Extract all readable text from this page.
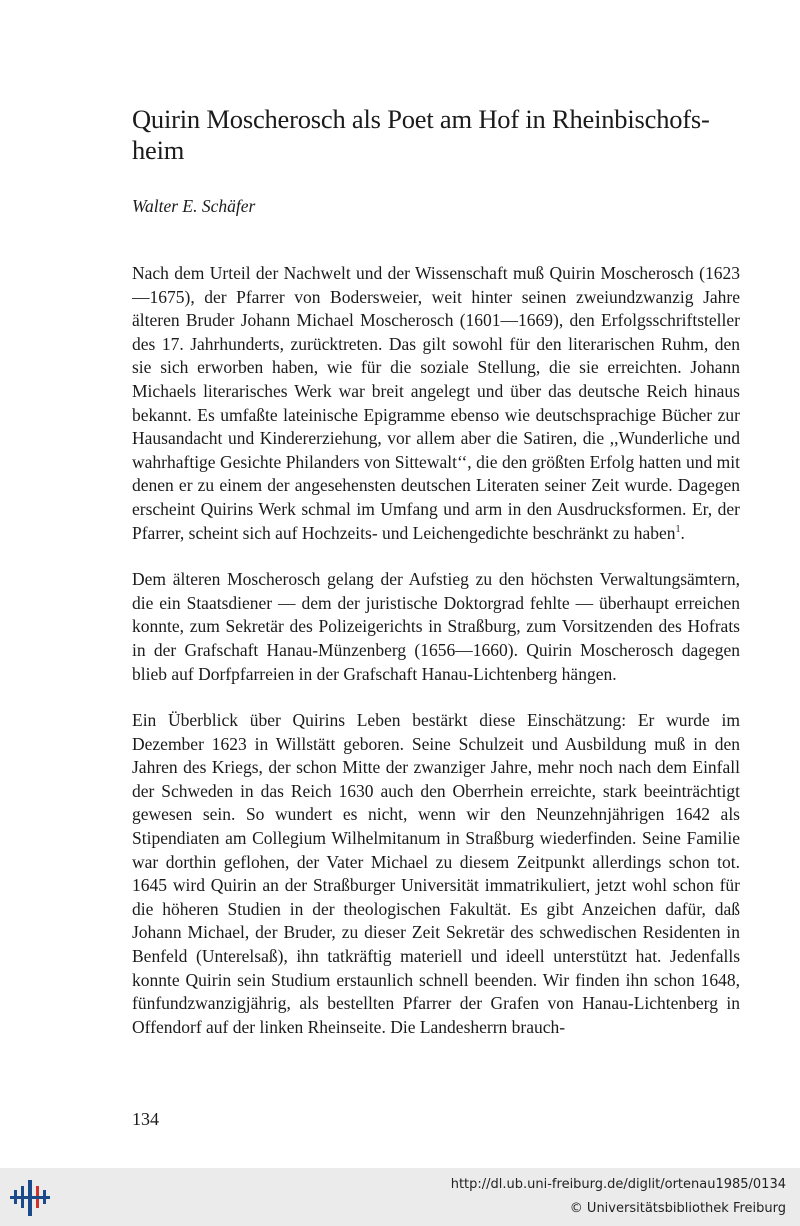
Quirin Moscherosch als Poet am Hof in Rheinbischofs-
heim

Walter E. Schäfer

Nach dem Urteil der Nachwelt und der Wissenschaft muß Quirin Moscherosch (1623—1675), der Pfarrer von Bodersweier, weit hinter seinen zweiundzwanzig Jahre älteren Bruder Johann Michael Moscherosch (1601—1669), den Erfolgsschriftsteller des 17. Jahrhunderts, zurücktreten. Das gilt sowohl für den literarischen Ruhm, den sie sich erworben haben, wie für die soziale Stellung, die sie erreichten. Johann Michaels literarisches Werk war breit angelegt und über das deutsche Reich hinaus bekannt. Es umfaßte lateinische Epigramme ebenso wie deutschsprachige Bücher zur Hausandacht und Kindererziehung, vor allem aber die Satiren, die ,,Wunderliche und wahrhaftige Gesichte Philanders von Sittewalt‘‘, die den größten Erfolg hatten und mit denen er zu einem der angesehensten deutschen Literaten seiner Zeit wurde. Dagegen erscheint Quirins Werk schmal im Umfang und arm in den Ausdrucksformen. Er, der Pfarrer, scheint sich auf Hochzeits- und Leichengedichte beschränkt zu haben$^1$.

Dem älteren Moscherosch gelang der Aufstieg zu den höchsten Verwaltungsämtern, die ein Staatsdiener — dem der juristische Doktorgrad fehlte — überhaupt erreichen konnte, zum Sekretär des Polizeigerichts in Straßburg, zum Vorsitzenden des Hofrats in der Grafschaft Hanau-Münzenberg (1656—1660). Quirin Moscherosch dagegen blieb auf Dorfpfarreien in der Grafschaft Hanau-Lichtenberg hängen.

Ein Überblick über Quirins Leben bestärkt diese Einschätzung: Er wurde im Dezember 1623 in Willstätt geboren. Seine Schulzeit und Ausbildung muß in den Jahren des Kriegs, der schon Mitte der zwanziger Jahre, mehr noch nach dem Einfall der Schweden in das Reich 1630 auch den Oberrhein erreichte, stark beeinträchtigt gewesen sein. So wundert es nicht, wenn wir den Neunzehnjährigen 1642 als Stipendiaten am Collegium Wilhelmitanum in Straßburg wiederfinden. Seine Familie war dorthin geflohen, der Vater Michael zu diesem Zeitpunkt allerdings schon tot. 1645 wird Quirin an der Straßburger Universität immatrikuliert, jetzt wohl schon für die höheren Studien in der theologischen Fakultät. Es gibt Anzeichen dafür, daß Johann Michael, der Bruder, zu dieser Zeit Sekretär des schwedischen Residenten in Benfeld (Unterelsaß), ihn tatkräftig materiell und ideell unterstützt hat. Jedenfalls konnte Quirin sein Studium erstaunlich schnell beenden. Wir finden ihn schon 1648, fünfundzwanzigjährig, als bestellten Pfarrer der Grafen von Hanau-Lichtenberg in Offendorf auf der linken Rheinseite. Die Landesherrn brauch-

134
http://dl.ub.uni-freiburg.de/diglit/ortenau1985/0134
© Universitätsbibliothek Freiburg
